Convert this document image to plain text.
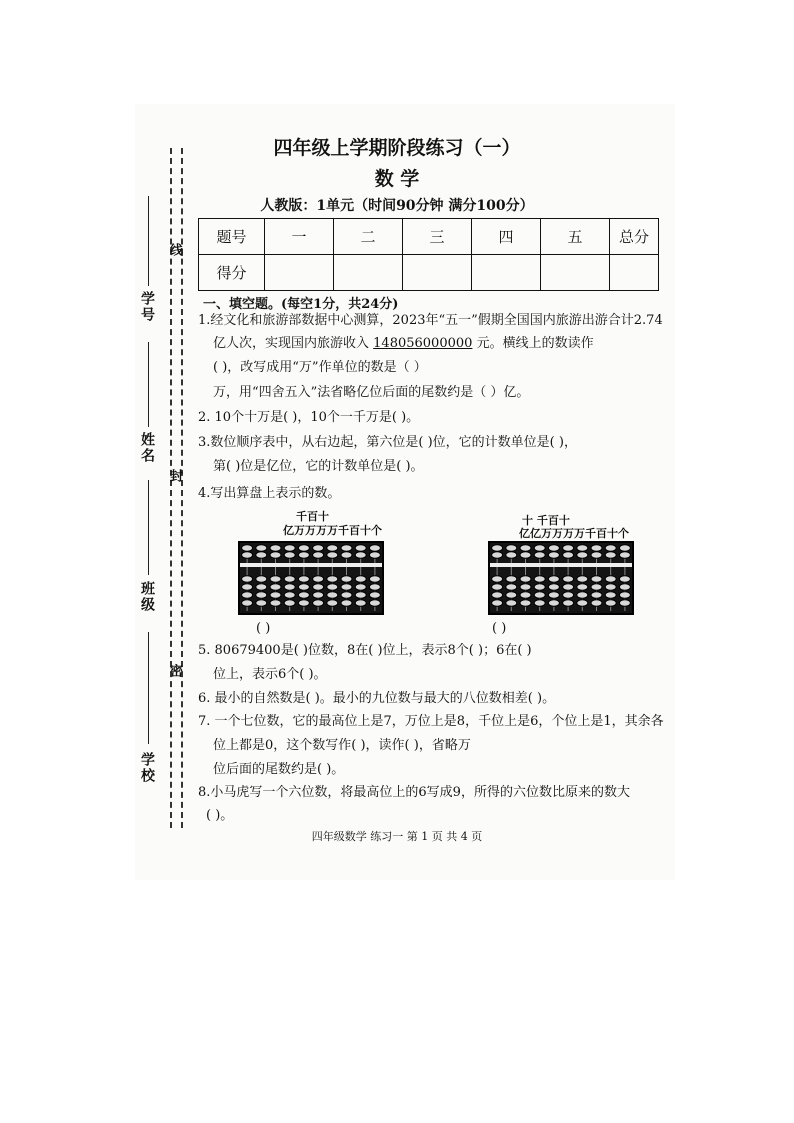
学号
姓名
班级
学校
线
封
密
四年级上学期阶段练习（一）
数 学
人教版：1单元（时间90分钟 满分100分）
题号	一	二	三	四	五	总分
得分						
一、填空题。(每空1分，共24分)
1.经文化和旅游部数据中心测算，2023年“五一”假期全国国内旅游出游合计2.74
亿人次，实现国内旅游收入 148056000000 元。横线上的数读作
( )，改写成用“万”作单位的数是（ ）
万，用“四舍五入”法省略亿位后面的尾数约是（ ）亿。
2. 10个十万是( )，10个一千万是( )。
3.数位顺序表中，从右边起，第六位是( )位，它的计数单位是( )，
第( )位是亿位，它的计数单位是( )。
4.写出算盘上表示的数。
千百十
亿万万万万千百十个
( )
十 千百十
亿亿万万万万千百十个
( )
5. 80679400是( )位数，8在( )位上，表示8个( )；6在( )
位上，表示6个( )。
6. 最小的自然数是( )。最小的九位数与最大的八位数相差( )。
7. 一个七位数，它的最高位上是7，万位上是8，千位上是6，个位上是1，其余各
位上都是0，这个数写作( )，读作( )，省略万
位后面的尾数约是( )。
8.小马虎写一个六位数，将最高位上的6写成9，所得的六位数比原来的数大
( )。
四年级数学 练习一 第 1 页 共 4 页
